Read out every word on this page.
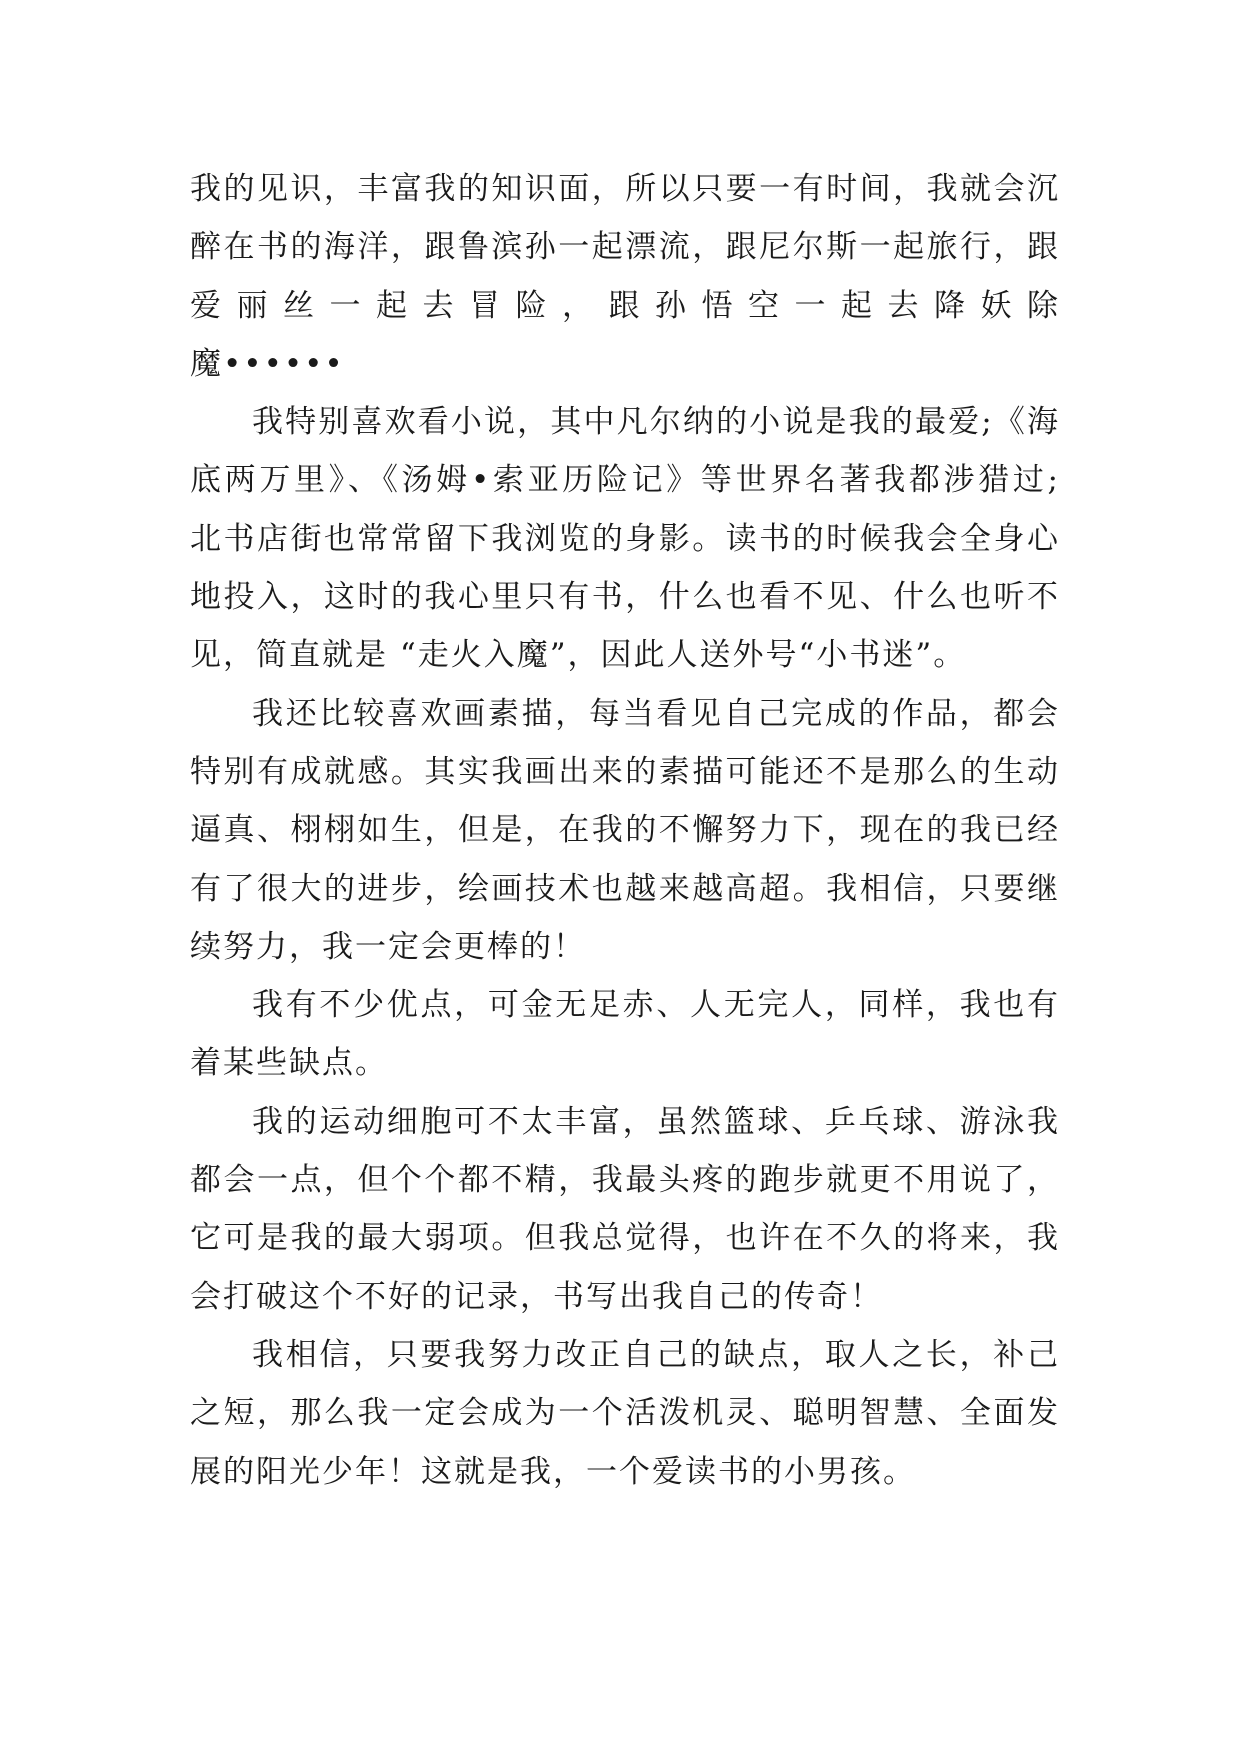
我的见识，丰富我的知识面，所以只要一有时间，我就会沉
醉在书的海洋，跟鲁滨孙一起漂流，跟尼尔斯一起旅行，跟
爱丽丝一起去冒险，跟孙悟空一起去降妖除
魔••••••
我特别喜欢看小说，其中凡尔纳的小说是我的最爱;《海
底两万里》、《汤姆•索亚历险记》等世界名著我都涉猎过;
北书店街也常常留下我浏览的身影。读书的时候我会全身心
地投入，这时的我心里只有书，什么也看不见、什么也听不
见，简直就是 “走火入魔”，因此人送外号“小书迷”。
我还比较喜欢画素描，每当看见自己完成的作品，都会
特别有成就感。其实我画出来的素描可能还不是那么的生动
逼真、栩栩如生，但是，在我的不懈努力下，现在的我已经
有了很大的进步，绘画技术也越来越高超。我相信，只要继
续努力，我一定会更棒的！
我有不少优点，可金无足赤、人无完人，同样，我也有
着某些缺点。
我的运动细胞可不太丰富，虽然篮球、乒乓球、游泳我
都会一点，但个个都不精，我最头疼的跑步就更不用说了，
它可是我的最大弱项。但我总觉得，也许在不久的将来，我
会打破这个不好的记录，书写出我自己的传奇！
我相信，只要我努力改正自己的缺点，取人之长，补己
之短，那么我一定会成为一个活泼机灵、聪明智慧、全面发
展的阳光少年！这就是我，一个爱读书的小男孩。
